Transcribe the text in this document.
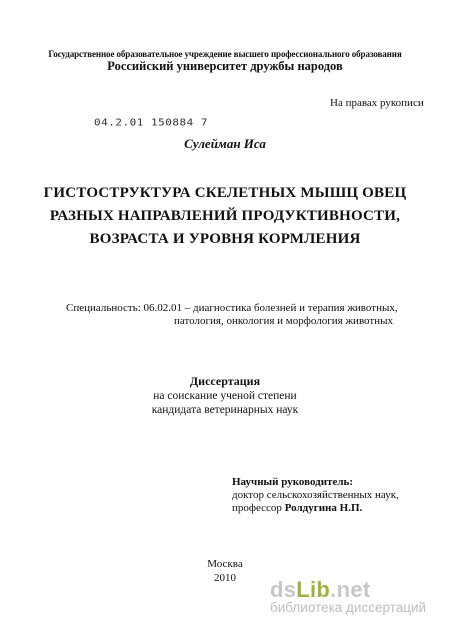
Государственное образовательное учреждение высшего профессионального образования
Российский университет дружбы народов
На правах рукописи
04.2.01 150884 7
Сулейман Иса
ГИСТОСТРУКТУРА СКЕЛЕТНЫХ МЫШЦ ОВЕЦ
РАЗНЫХ НАПРАВЛЕНИЙ ПРОДУКТИВНОСТИ,
ВОЗРАСТА И УРОВНЯ КОРМЛЕНИЯ
Специальность: 06.02.01 – диагностика болезней и терапия животных,
патология, онкология и морфология животных
Диссертация
на соискание ученой степени
кандидата ветеринарных наук
Научный руководитель:
доктор сельскохозяйственных наук,
профессор Ролдугина Н.П.
Москва
2010	dsLib.net
библиотека диссертаций
